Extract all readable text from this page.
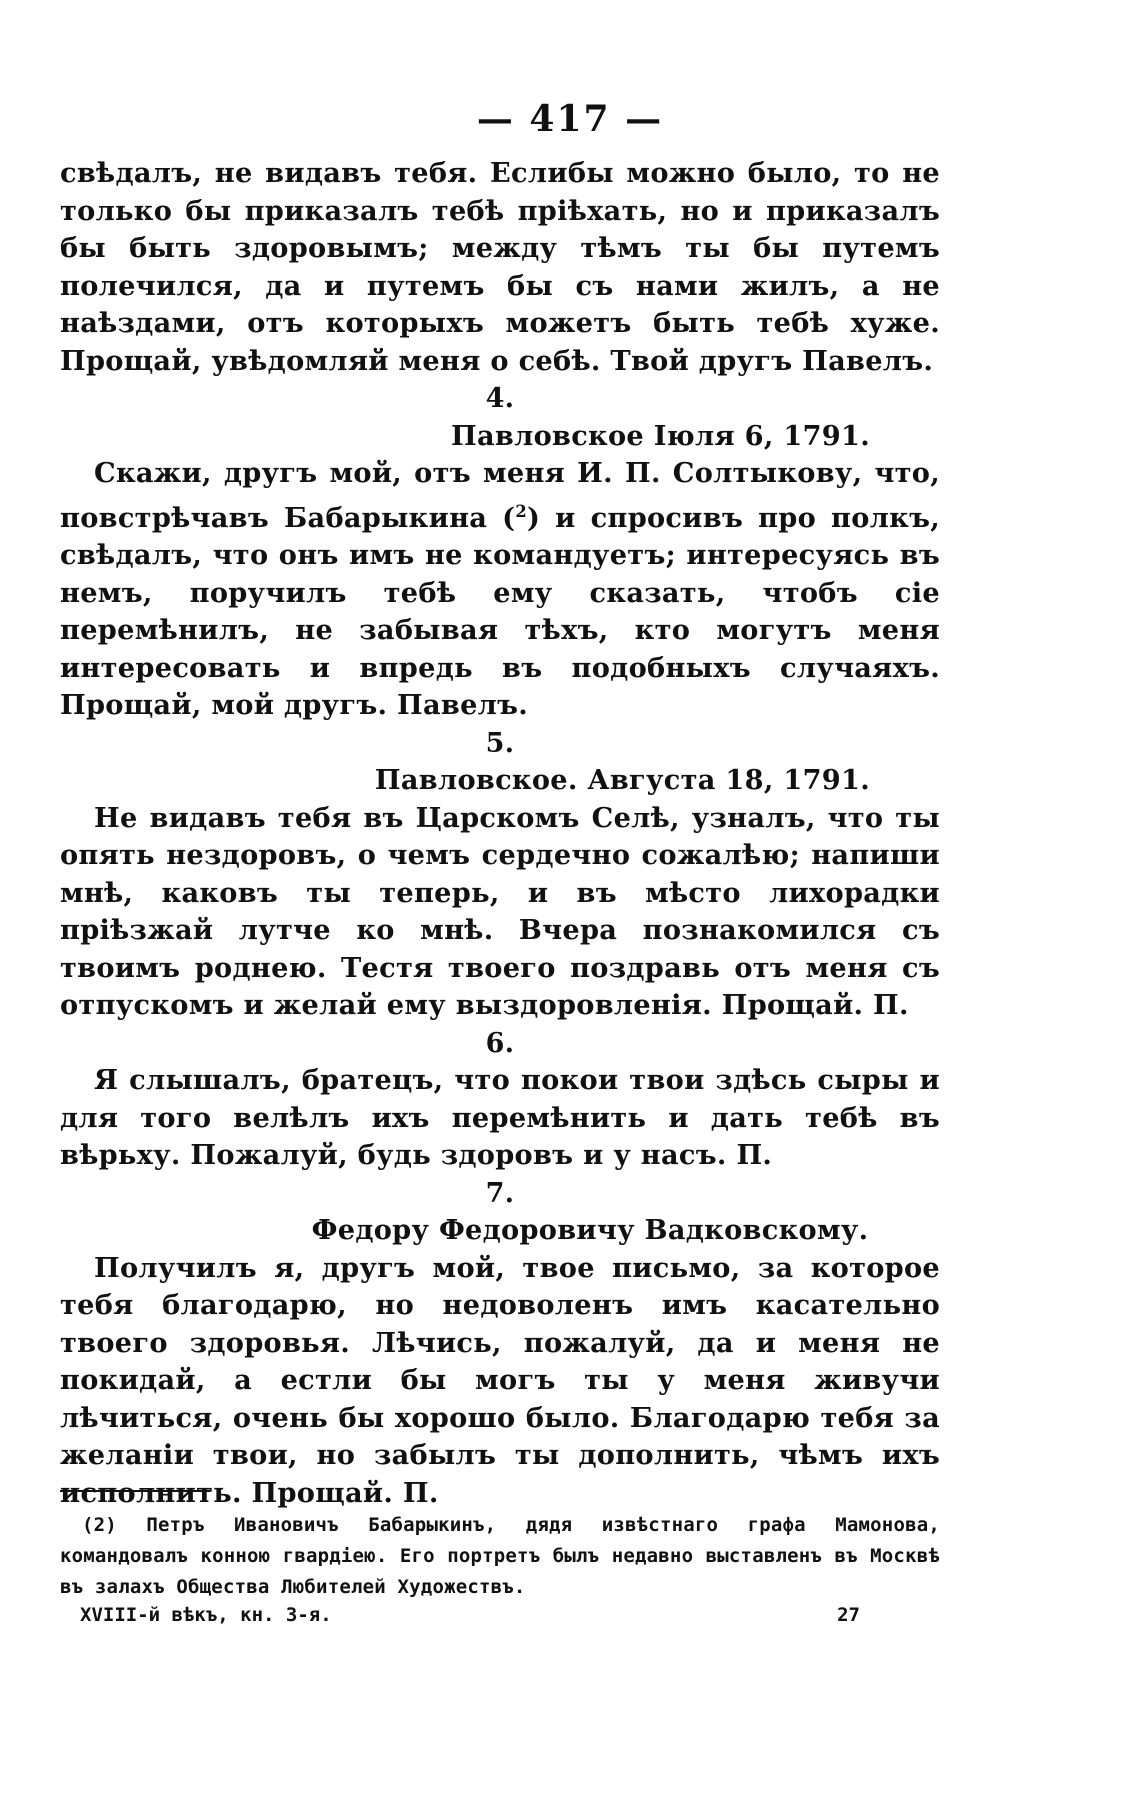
— 417 —

свѣдалъ, не видавъ тебя. Еслибы можно было, то не только бы приказалъ тебѣ пріѣхать, но и приказалъ бы быть здоровымъ; между тѣмъ ты бы путемъ полечился, да и путемъ бы съ нами жилъ, а не наѣздами, отъ которыхъ можетъ быть тебѣ хуже. Прощай, увѣдомляй меня о себѣ. Твой другъ Павелъ.

4.

Павловское Іюля 6, 1791.

Скажи, другъ мой, отъ меня И. П. Солтыкову, что, повстрѣчавъ Бабарыкина ($^2$) и спросивъ про полкъ, свѣдалъ, что онъ имъ не командуетъ; интересуясь въ немъ, поручилъ тебѣ ему сказать, чтобъ сіе перемѣнилъ, не забывая тѣхъ, кто могутъ меня интересовать и впредь въ подобныхъ случаяхъ. Прощай, мой другъ. Павелъ.

5.

Павловское. Августа 18, 1791.

Не видавъ тебя въ Царскомъ Селѣ, узналъ, что ты опять нездоровъ, о чемъ сердечно сожалѣю; напиши мнѣ, каковъ ты теперь, и въ мѣсто лихорадки пріѣзжай лутче ко мнѣ. Вчера познакомился съ твоимъ роднею. Тестя твоего поздравь отъ меня съ отпускомъ и желай ему выздоровленія. Прощай. П.

6.

Я слышалъ, братецъ, что покои твои здѣсь сыры и для того велѣлъ ихъ перемѣнить и дать тебѣ въ вѣрьху. Пожалуй, будь здоровъ и у насъ. П.

7.

Федору Федоровичу Вадковскому.

Получилъ я, другъ мой, твое письмо, за которое тебя благодарю, но недоволенъ имъ касательно твоего здоровья. Лѣчись, пожалуй, да и меня не покидай, а естли бы могъ ты у меня живучи лѣчиться, очень бы хорошо было. Благодарю тебя за желаніи твои, но забылъ ты дополнить, чѣмъ ихъ исполнить. Прощай. П.

(2) Петръ Ивановичъ Бабарыкинъ, дядя извѣстнаго графа Мамонова, командовалъ конною гвардіею. Его портретъ былъ недавно выставленъ въ Москвѣ въ залахъ Общества Любителей Художествъ.

XVIII-й вѣкъ, кн. 3-я.	27
